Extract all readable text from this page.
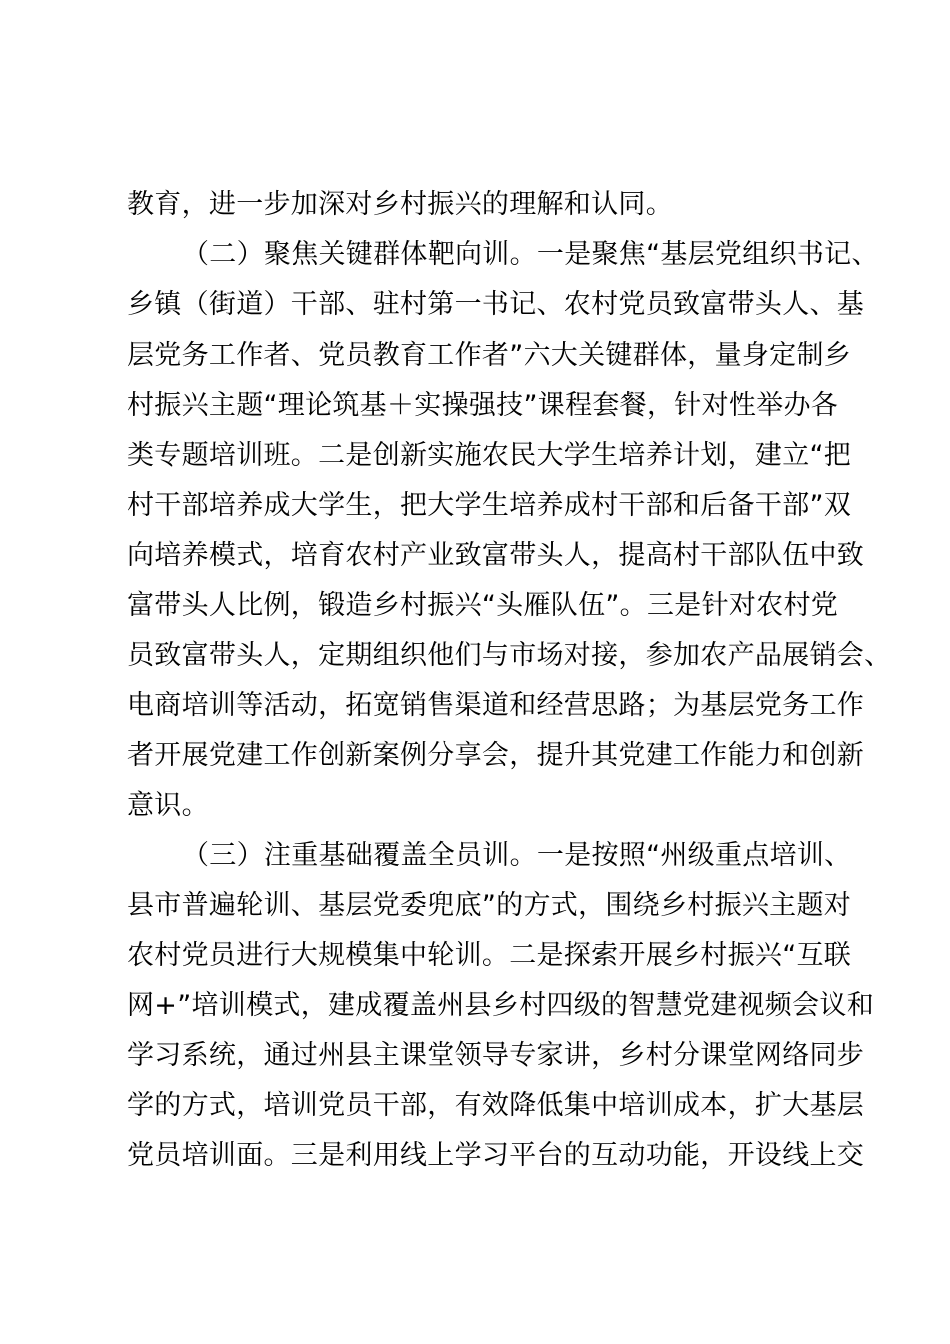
教育，进一步加深对乡村振兴的理解和认同。
（二）聚焦关键群体靶向训。一是聚焦“基层党组织书记、
乡镇（街道）干部、驻村第一书记、农村党员致富带头人、基
层党务工作者、党员教育工作者”六大关键群体，量身定制乡
村振兴主题“理论筑基＋实操强技”课程套餐，针对性举办各
类专题培训班。二是创新实施农民大学生培养计划，建立“把
村干部培养成大学生，把大学生培养成村干部和后备干部”双
向培养模式，培育农村产业致富带头人，提高村干部队伍中致
富带头人比例，锻造乡村振兴“头雁队伍”。三是针对农村党
员致富带头人，定期组织他们与市场对接，参加农产品展销会、
电商培训等活动，拓宽销售渠道和经营思路；为基层党务工作
者开展党建工作创新案例分享会，提升其党建工作能力和创新
意识。
（三）注重基础覆盖全员训。一是按照“州级重点培训、
县市普遍轮训、基层党委兜底”的方式，围绕乡村振兴主题对
农村党员进行大规模集中轮训。二是探索开展乡村振兴“互联
网+”培训模式，建成覆盖州县乡村四级的智慧党建视频会议和
学习系统，通过州县主课堂领导专家讲，乡村分课堂网络同步
学的方式，培训党员干部，有效降低集中培训成本，扩大基层
党员培训面。三是利用线上学习平台的互动功能，开设线上交
